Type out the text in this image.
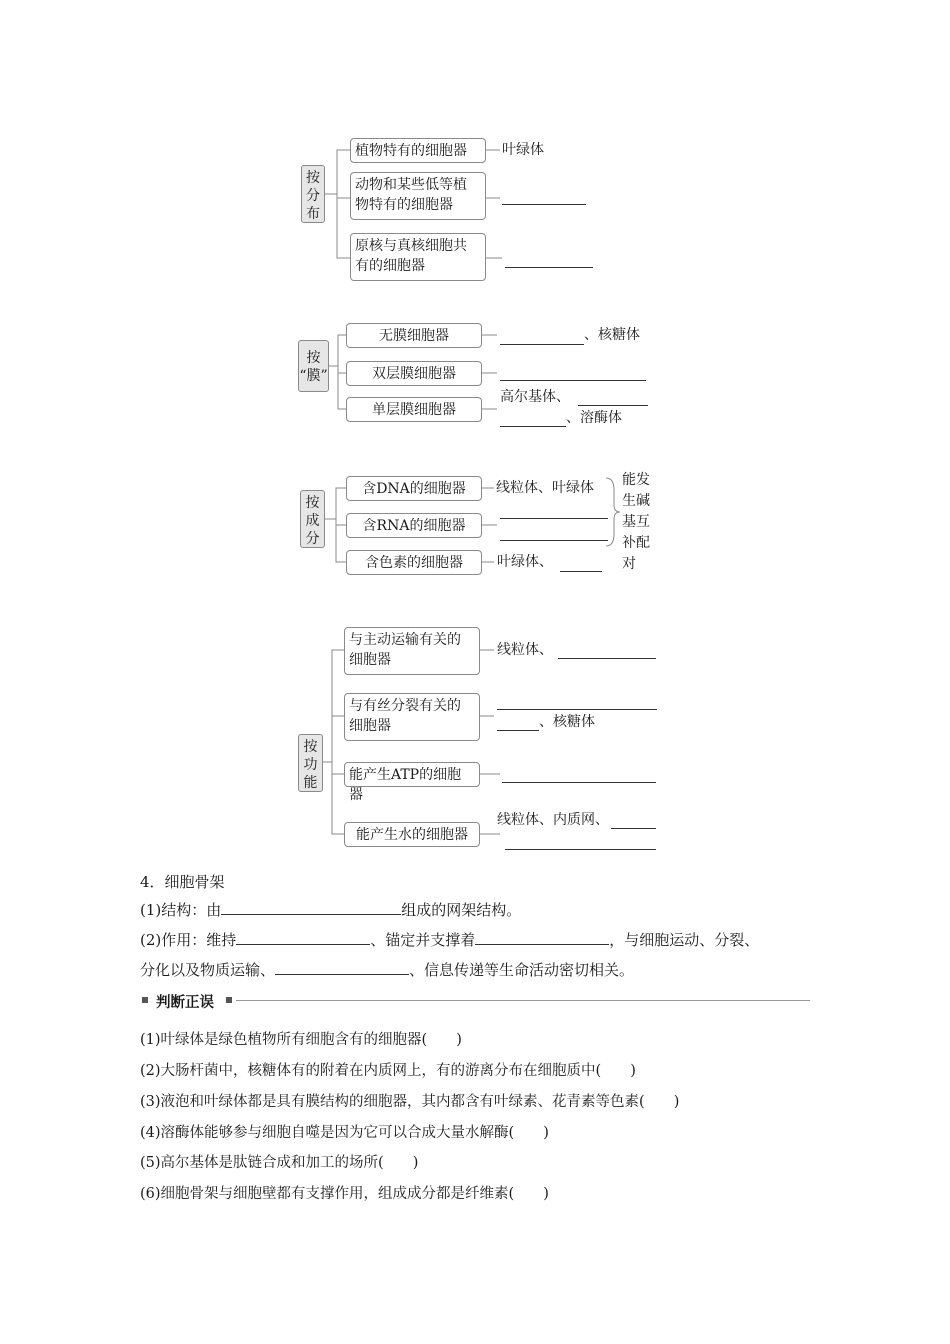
按
分
布
植物特有的细胞器	叶绿体
动物和某些低等植
物特有的细胞器
原核与真核细胞共
有的细胞器
按
“膜”
无膜细胞器	、核糖体
双层膜细胞器
单层膜细胞器
高尔基体、
、溶酶体
按
成
分
含DNA的细胞器	线粒体、叶绿体
含RNA的细胞器
含色素的细胞器	叶绿体、
能发
生碱
基互
补配
对
按
功
能
与主动运输有关的
细胞器
线粒体、
与有丝分裂有关的
细胞器	、核糖体
能产生ATP的细胞器
能产生水的细胞器
线粒体、内质网、
4．细胞骨架
(1)结构：由	组成的网架结构。
(2)作用：维持	、锚定并支撑着	，与细胞运动、分裂、
分化以及物质运输、	、信息传递等生命活动密切相关。
判断正误
(1)叶绿体是绿色植物所有细胞含有的细胞器(　　)
(2)大肠杆菌中，核糖体有的附着在内质网上，有的游离分布在细胞质中(　　)
(3)液泡和叶绿体都是具有膜结构的细胞器，其内都含有叶绿素、花青素等色素(　　)
(4)溶酶体能够参与细胞自噬是因为它可以合成大量水解酶(　　)
(5)高尔基体是肽链合成和加工的场所(　　)
(6)细胞骨架与细胞壁都有支撑作用，组成成分都是纤维素(　　)
